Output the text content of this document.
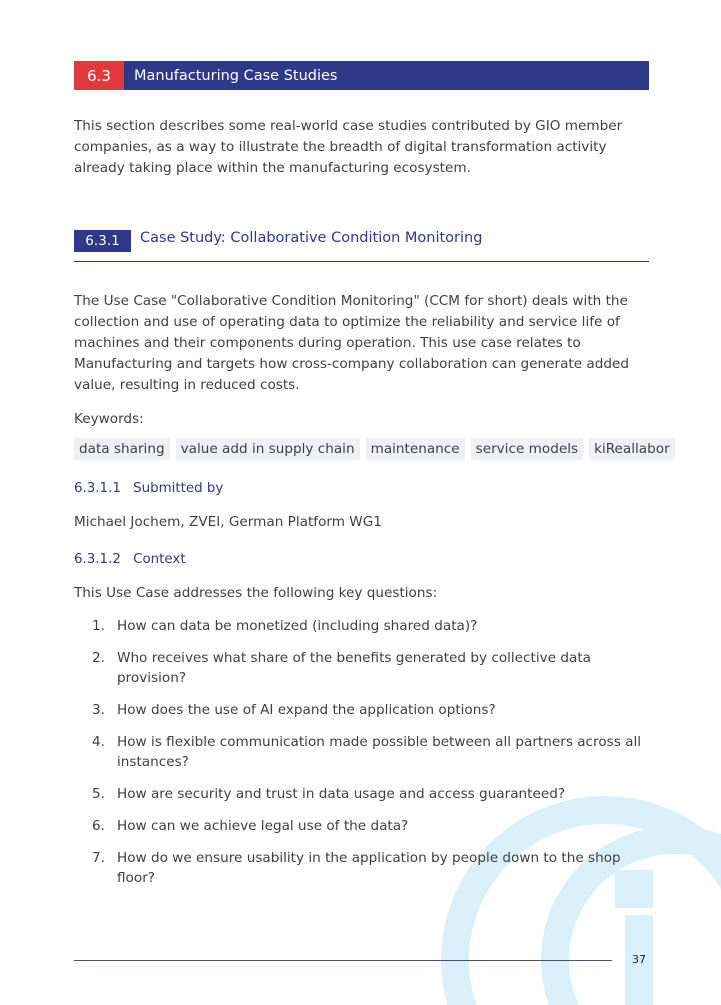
6.3	Manufacturing Case Studies
This section describes some real-world case studies contributed by GIO member companies, as a way to illustrate the breadth of digital transformation activity already taking place within the manufacturing ecosystem.
6.3.1	Case Study: Collaborative Condition Monitoring
The Use Case "Collaborative Condition Monitoring" (CCM for short) deals with the collection and use of operating data to optimize the reliability and service life of machines and their components during operation. This use case relates to Manufacturing and targets how cross-company collaboration can generate added value, resulting in reduced costs.
Keywords:
data sharing	value add in supply chain	maintenance	service models	kiReallabor
6.3.1.1 Submitted by
Michael Jochem, ZVEI, German Platform WG1
6.3.1.2 Context
This Use Case addresses the following key questions:
1. How can data be monetized (including shared data)?
2. Who receives what share of the benefits generated by collective data provision?
3. How does the use of AI expand the application options?
4. How is flexible communication made possible between all partners across all instances?
5. How are security and trust in data usage and access guaranteed?
6. How can we achieve legal use of the data?
7. How do we ensure usability in the application by people down to the shop floor?
37
